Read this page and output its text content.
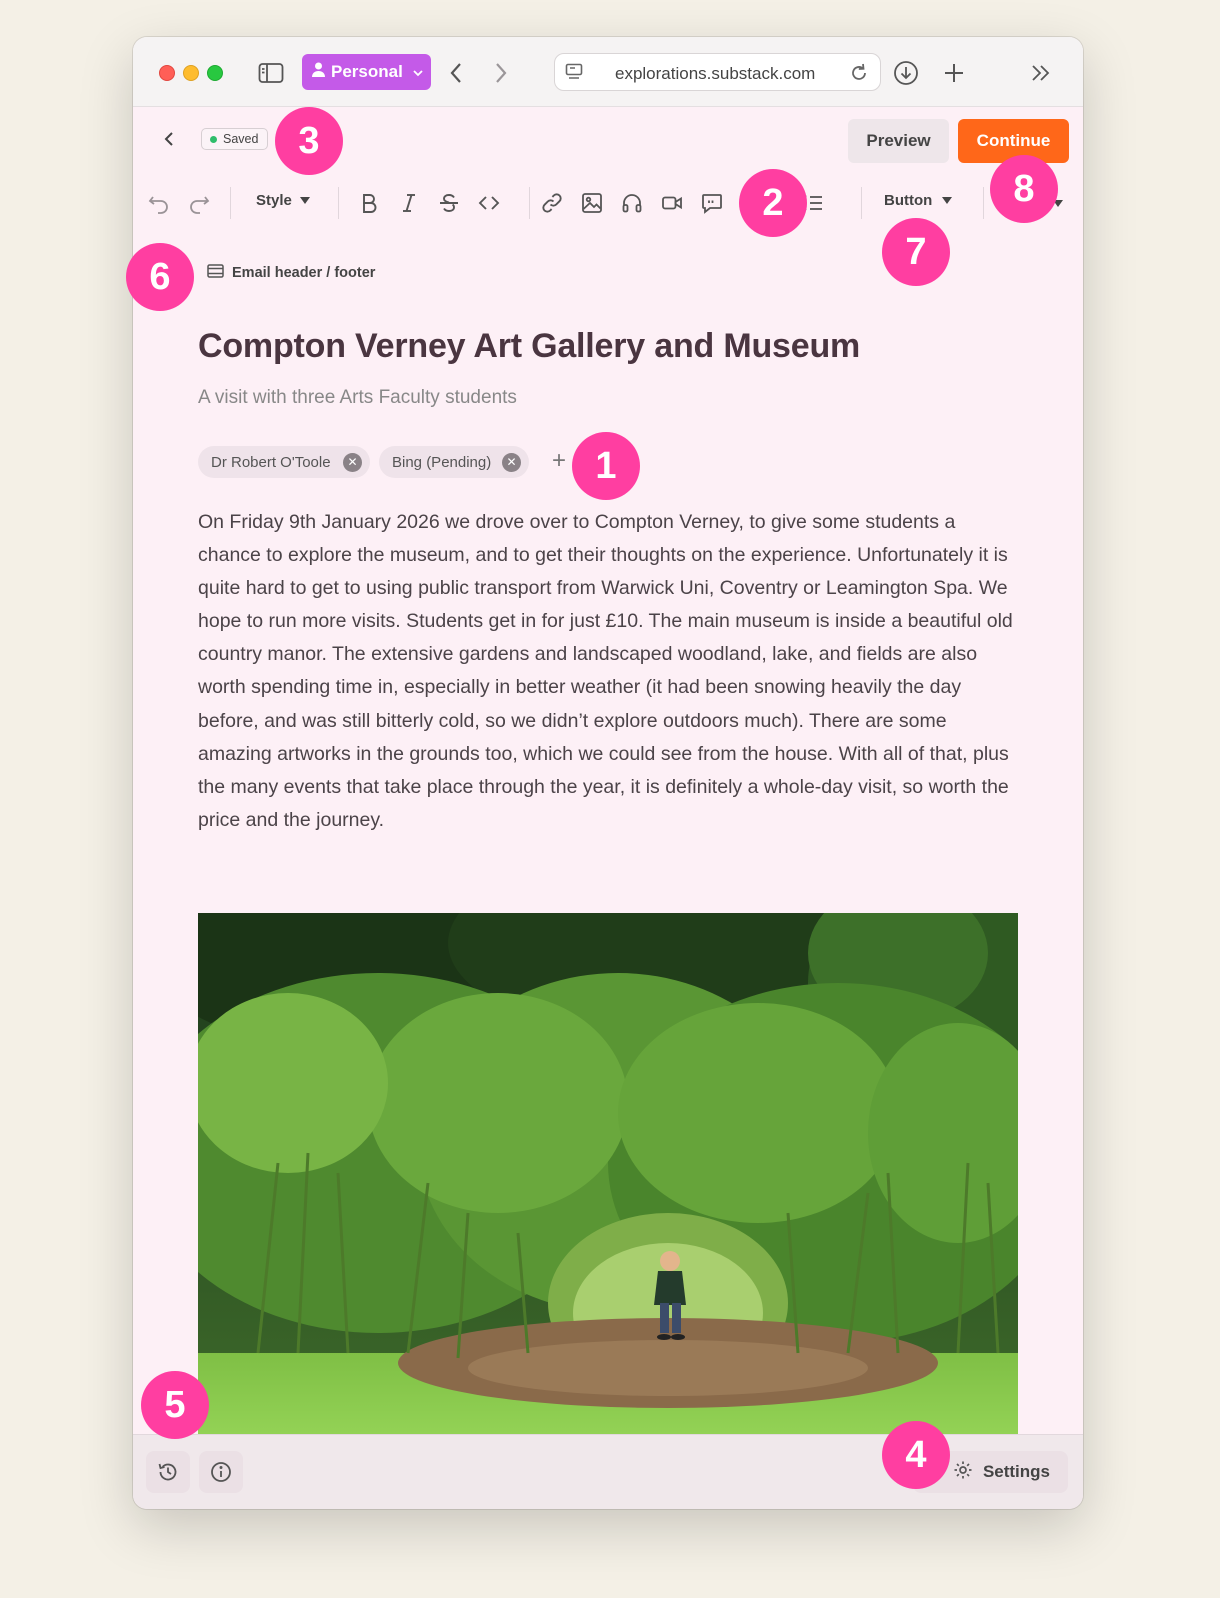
Personal	explorations.substack.com
Saved	Preview	Continue
Style	Button
Email header / footer
Compton Verney Art Gallery and Museum
A visit with three Arts Faculty students
Dr Robert O'Toole	✕ Bing (Pending)	✕ +
On Friday 9th January 2026 we drove over to Compton Verney, to give some students a chance to explore the museum, and to get their thoughts on the experience. Unfortunately it is quite hard to get to using public transport from Warwick Uni, Coventry or Leamington Spa. We hope to run more visits. Students get in for just £10. The main museum is inside a beautiful old country manor. The extensive gardens and landscaped woodland, lake, and fields are also worth spending time in, especially in better weather (it had been snowing heavily the day before, and was still bitterly cold, so we didn’t explore outdoors much). There are some amazing artworks in the grounds too, which we could see from the house. With all of that, plus the many events that take place through the year, it is definitely a whole-day visit, so worth the price and the journey.
Settings
1
2
3
4
5
6
7
8
